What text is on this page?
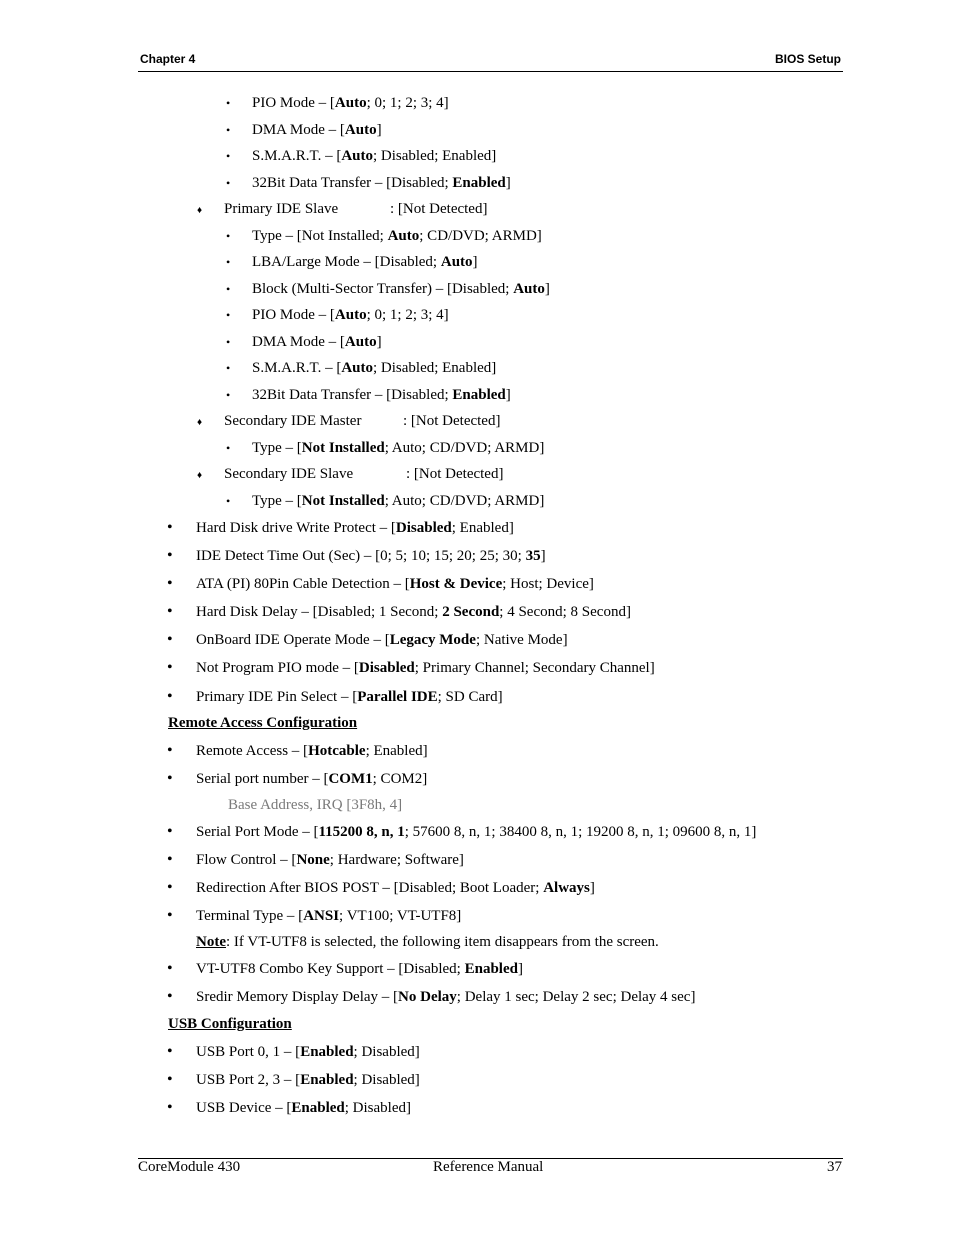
Chapter 4	BIOS Setup
• PIO Mode – [Auto; 0; 1; 2; 3; 4]
• DMA Mode – [Auto]
• S.M.A.R.T. – [Auto; Disabled; Enabled]
• 32Bit Data Transfer – [Disabled; Enabled]
♦ Primary IDE Slave	: [Not Detected]
• Type – [Not Installed; Auto; CD/DVD; ARMD]
• LBA/Large Mode – [Disabled; Auto]
• Block (Multi-Sector Transfer) – [Disabled; Auto]
• PIO Mode – [Auto; 0; 1; 2; 3; 4]
• DMA Mode – [Auto]
• S.M.A.R.T. – [Auto; Disabled; Enabled]
• 32Bit Data Transfer – [Disabled; Enabled]
♦ Secondary IDE Master	: [Not Detected]
• Type – [Not Installed; Auto; CD/DVD; ARMD]
♦ Secondary IDE Slave	: [Not Detected]
• Type – [Not Installed; Auto; CD/DVD; ARMD]
• Hard Disk drive Write Protect – [Disabled; Enabled]
• IDE Detect Time Out (Sec) – [0; 5; 10; 15; 20; 25; 30; 35]
• ATA (PI) 80Pin Cable Detection – [Host & Device; Host; Device]
• Hard Disk Delay – [Disabled; 1 Second; 2 Second; 4 Second; 8 Second]
• OnBoard IDE Operate Mode – [Legacy Mode; Native Mode]
• Not Program PIO mode – [Disabled; Primary Channel; Secondary Channel]
• Primary IDE Pin Select – [Parallel IDE; SD Card]
Remote Access Configuration
• Remote Access – [Hotcable; Enabled]
• Serial port number – [COM1; COM2]
Base Address, IRQ [3F8h, 4]
• Serial Port Mode – [115200 8, n, 1; 57600 8, n, 1; 38400 8, n, 1; 19200 8, n, 1; 09600 8, n, 1]
• Flow Control – [None; Hardware; Software]
• Redirection After BIOS POST – [Disabled; Boot Loader; Always]
• Terminal Type – [ANSI; VT100; VT-UTF8]
Note: If VT-UTF8 is selected, the following item disappears from the screen.
• VT-UTF8 Combo Key Support – [Disabled; Enabled]
• Sredir Memory Display Delay – [No Delay; Delay 1 sec; Delay 2 sec; Delay 4 sec]
USB Configuration
• USB Port 0, 1 – [Enabled; Disabled]
• USB Port 2, 3 – [Enabled; Disabled]
• USB Device – [Enabled; Disabled]
CoreModule 430	Reference Manual	37
